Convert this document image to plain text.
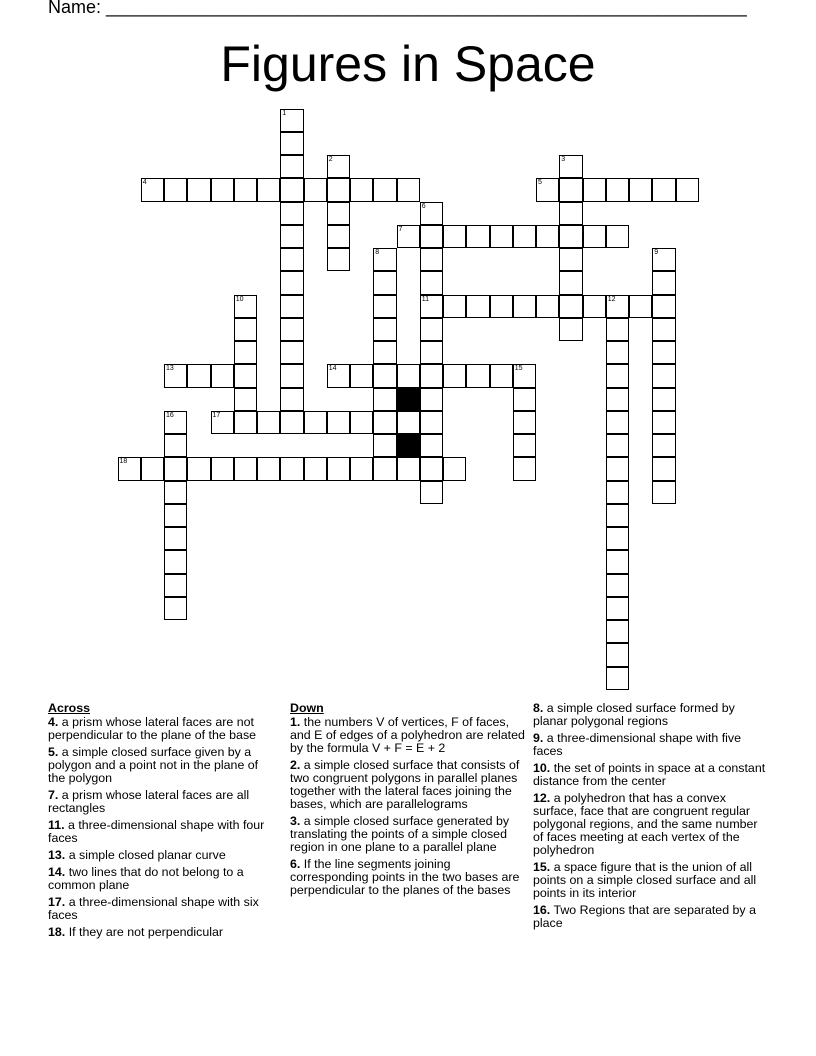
Name: ________________________________________________________________
Figures in Space
1
2	3
4	5
6
11
7
8	9
10	12
13	14	15
16	17
18
Across
4. a prism whose lateral faces are not perpendicular to the plane of the base
5. a simple closed surface given by a polygon and a point not in the plane of the polygon
7. a prism whose lateral faces are all rectangles
11. a three-dimensional shape with four faces
13. a simple closed planar curve
14. two lines that do not belong to a common plane
17. a three-dimensional shape with six faces
18. If they are not perpendicular
Down
1. the numbers V of vertices, F of faces, and E of edges of a polyhedron are related by the formula V + F = E + 2
2. a simple closed surface that consists of two congruent polygons in parallel planes together with the lateral faces joining the bases, which are parallelograms
3. a simple closed surface generated by translating the points of a simple closed region in one plane to a parallel plane
6. If the line segments joining corresponding points in the two bases are perpendicular to the planes of the bases
8. a simple closed surface formed by planar polygonal regions
9. a three-dimensional shape with five faces
10. the set of points in space at a constant distance from the center
12. a polyhedron that has a convex surface, face that are congruent regular polygonal regions, and the same number of faces meeting at each vertex of the polyhedron
15. a space figure that is the union of all points on a simple closed surface and all points in its interior
16. Two Regions that are separated by a place
